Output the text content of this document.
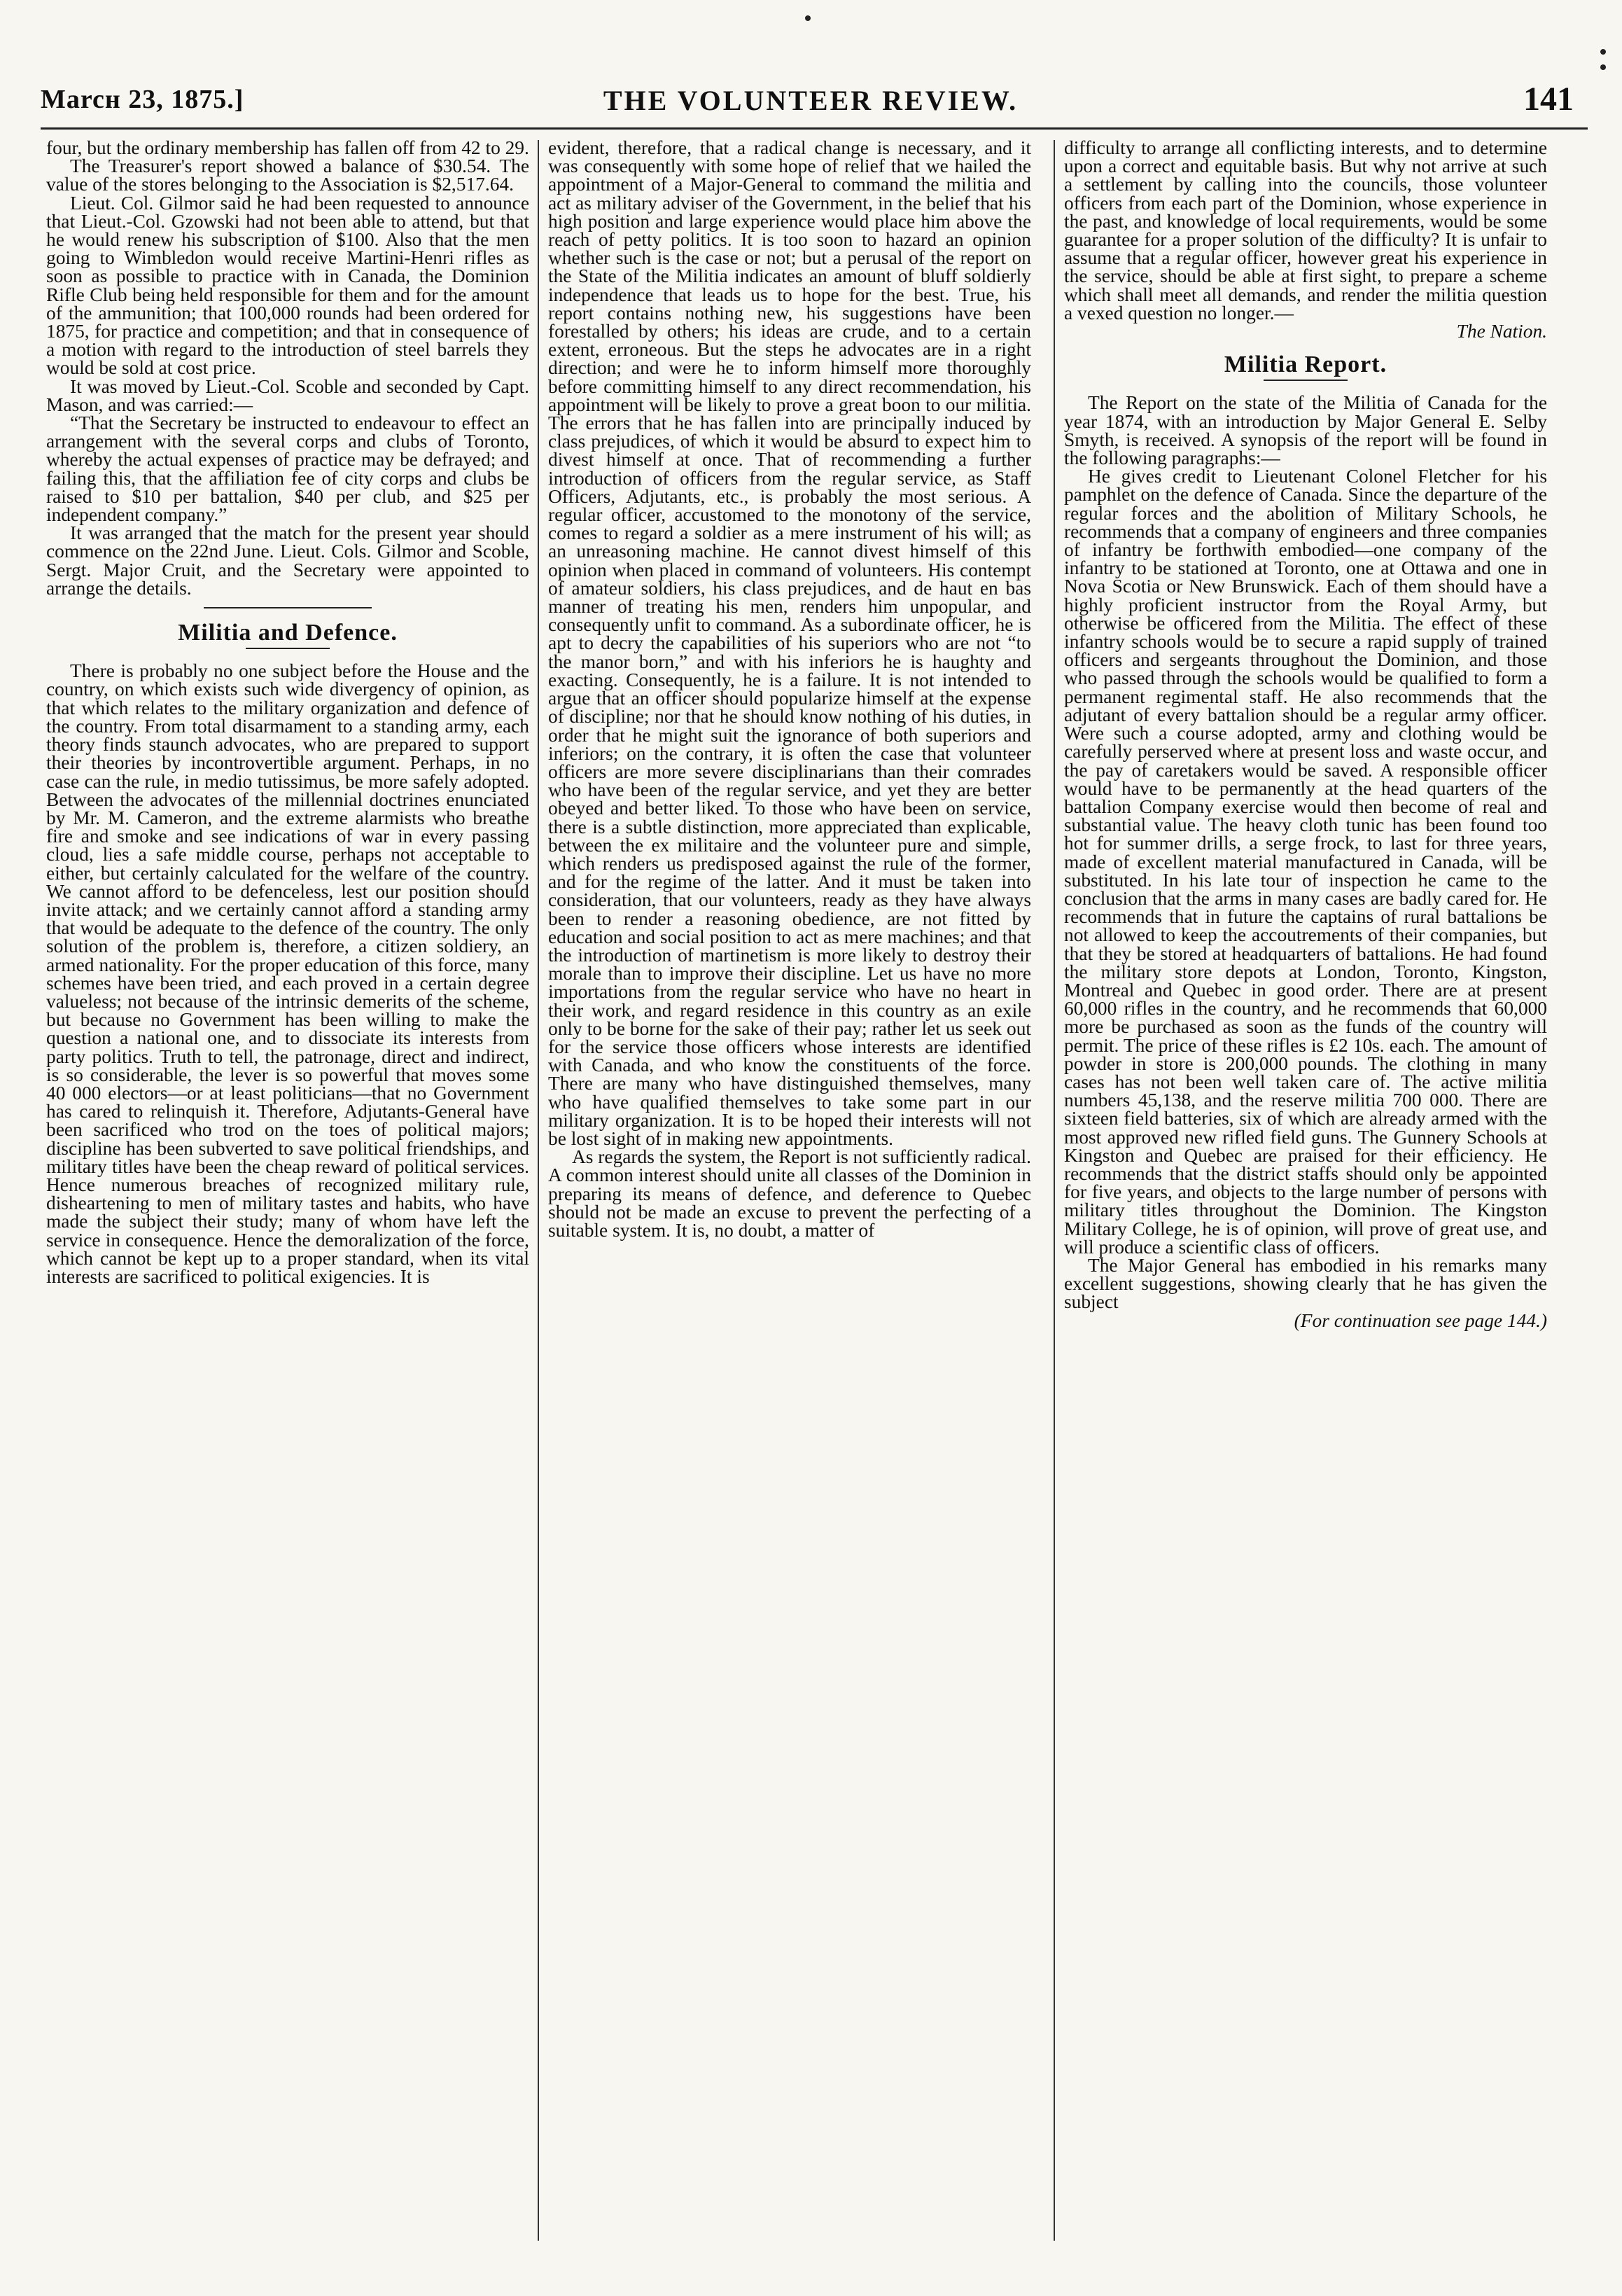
Marcн 23, 1875.]	THE VOLUNTEER REVIEW.	141

four, but the ordinary membership has fallen off from 42 to 29.

The Treasurer's report showed a balance of $30.54. The value of the stores belonging to the Association is $2,517.64.

Lieut. Col. Gilmor said he had been requested to announce that Lieut.-Col. Gzowski had not been able to attend, but that he would renew his subscription of $100. Also that the men going to Wimbledon would receive Martini-Henri rifles as soon as possible to practice with in Canada, the Dominion Rifle Club being held responsible for them and for the amount of the ammunition; that 100,000 rounds had been ordered for 1875, for practice and competition; and that in consequence of a motion with regard to the introduction of steel barrels they would be sold at cost price.

It was moved by Lieut.-Col. Scoble and seconded by Capt. Mason, and was carried:—

“That the Secretary be instructed to endeavour to effect an arrangement with the several corps and clubs of Toronto, whereby the actual expenses of practice may be defrayed; and failing this, that the affiliation fee of city corps and clubs be raised to $10 per battalion, $40 per club, and $25 per independent company.”

It was arranged that the match for the present year should commence on the 22nd June. Lieut. Cols. Gilmor and Scoble, Sergt. Major Cruit, and the Secretary were appointed to arrange the details.

Militia and Defence.

There is probably no one subject before the House and the country, on which exists such wide divergency of opinion, as that which relates to the military organization and defence of the country. From total disarmament to a standing army, each theory finds staunch advocates, who are prepared to support their theories by incontrovertible argument. Perhaps, in no case can the rule, in medio tutissimus, be more safely adopted. Between the advocates of the millennial doctrines enunciated by Mr. M. Cameron, and the extreme alarmists who breathe fire and smoke and see indications of war in every passing cloud, lies a safe middle course, perhaps not acceptable to either, but certainly calculated for the welfare of the country. We cannot afford to be defenceless, lest our position should invite attack; and we certainly cannot afford a standing army that would be adequate to the defence of the country. The only solution of the problem is, therefore, a citizen soldiery, an armed nationality. For the proper education of this force, many schemes have been tried, and each proved in a certain degree valueless; not because of the intrinsic demerits of the scheme, but because no Government has been willing to make the question a national one, and to dissociate its interests from party politics. Truth to tell, the patronage, direct and indirect, is so considerable, the lever is so powerful that moves some 40 000 electors—or at least politicians—that no Government has cared to relinquish it. Therefore, Adjutants-General have been sacrificed who trod on the toes of political majors; discipline has been subverted to save political friendships, and military titles have been the cheap reward of political services. Hence numerous breaches of recognized military rule, disheartening to men of military tastes and habits, who have made the subject their study; many of whom have left the service in consequence. Hence the demoralization of the force, which cannot be kept up to a proper standard, when its vital interests are sacrificed to political exigencies. It is

evident, therefore, that a radical change is necessary, and it was consequently with some hope of relief that we hailed the appointment of a Major-General to command the militia and act as military adviser of the Government, in the belief that his high position and large experience would place him above the reach of petty politics. It is too soon to hazard an opinion whether such is the case or not; but a perusal of the report on the State of the Militia indicates an amount of bluff soldierly independence that leads us to hope for the best. True, his report contains nothing new, his suggestions have been forestalled by others; his ideas are crude, and to a certain extent, erroneous. But the steps he advocates are in a right direction; and were he to inform himself more thoroughly before committing himself to any direct recommendation, his appointment will be likely to prove a great boon to our militia. The errors that he has fallen into are principally induced by class prejudices, of which it would be absurd to expect him to divest himself at once. That of recommending a further introduction of officers from the regular service, as Staff Officers, Adjutants, etc., is probably the most serious. A regular officer, accustomed to the monotony of the service, comes to regard a soldier as a mere instrument of his will; as an unreasoning machine. He cannot divest himself of this opinion when placed in command of volunteers. His contempt of amateur soldiers, his class prejudices, and de haut en bas manner of treating his men, renders him unpopular, and consequently unfit to command. As a subordinate officer, he is apt to decry the capabilities of his superiors who are not “to the manor born,” and with his inferiors he is haughty and exacting. Consequently, he is a failure. It is not intended to argue that an officer should popularize himself at the expense of discipline; nor that he should know nothing of his duties, in order that he might suit the ignorance of both superiors and inferiors; on the contrary, it is often the case that volunteer officers are more severe disciplinarians than their comrades who have been of the regular service, and yet they are better obeyed and better liked. To those who have been on service, there is a subtle distinction, more appreciated than explicable, between the ex militaire and the volunteer pure and simple, which renders us predisposed against the rule of the former, and for the regime of the latter. And it must be taken into consideration, that our volunteers, ready as they have always been to render a reasoning obedience, are not fitted by education and social position to act as mere machines; and that the introduction of martinetism is more likely to destroy their morale than to improve their discipline. Let us have no more importations from the regular service who have no heart in their work, and regard residence in this country as an exile only to be borne for the sake of their pay; rather let us seek out for the service those officers whose interests are identified with Canada, and who know the constituents of the force. There are many who have distinguished themselves, many who have qualified themselves to take some part in our military organization. It is to be hoped their interests will not be lost sight of in making new appointments.

As regards the system, the Report is not sufficiently radical. A common interest should unite all classes of the Dominion in preparing its means of defence, and deference to Quebec should not be made an excuse to prevent the perfecting of a suitable system. It is, no doubt, a matter of

difficulty to arrange all conflicting interests, and to determine upon a correct and equitable basis. But why not arrive at such a settlement by calling into the councils, those volunteer officers from each part of the Dominion, whose experience in the past, and knowledge of local requirements, would be some guarantee for a proper solution of the difficulty? It is unfair to assume that a regular officer, however great his experience in the service, should be able at first sight, to prepare a scheme which shall meet all demands, and render the militia question a vexed question no longer.—

The Nation.

Militia Report.

The Report on the state of the Militia of Canada for the year 1874, with an introduction by Major General E. Selby Smyth, is received. A synopsis of the report will be found in the following paragraphs:—

He gives credit to Lieutenant Colonel Fletcher for his pamphlet on the defence of Canada. Since the departure of the regular forces and the abolition of Military Schools, he recommends that a company of engineers and three companies of infantry be forthwith embodied—one company of the infantry to be stationed at Toronto, one at Ottawa and one in Nova Scotia or New Brunswick. Each of them should have a highly proficient instructor from the Royal Army, but otherwise be officered from the Militia. The effect of these infantry schools would be to secure a rapid supply of trained officers and sergeants throughout the Dominion, and those who passed through the schools would be qualified to form a permanent regimental staff. He also recommends that the adjutant of every battalion should be a regular army officer. Were such a course adopted, army and clothing would be carefully perserved where at present loss and waste occur, and the pay of caretakers would be saved. A responsible officer would have to be permanently at the head quarters of the battalion Company exercise would then become of real and substantial value. The heavy cloth tunic has been found too hot for summer drills, a serge frock, to last for three years, made of excellent material manufactured in Canada, will be substituted. In his late tour of inspection he came to the conclusion that the arms in many cases are badly cared for. He recommends that in future the captains of rural battalions be not allowed to keep the accoutrements of their companies, but that they be stored at headquarters of battalions. He had found the military store depots at London, Toronto, Kingston, Montreal and Quebec in good order. There are at present 60,000 rifles in the country, and he recommends that 60,000 more be purchased as soon as the funds of the country will permit. The price of these rifles is £2 10s. each. The amount of powder in store is 200,000 pounds. The clothing in many cases has not been well taken care of. The active militia numbers 45,138, and the reserve militia 700 000. There are sixteen field batteries, six of which are already armed with the most approved new rifled field guns. The Gunnery Schools at Kingston and Quebec are praised for their efficiency. He recommends that the district staffs should only be appointed for five years, and objects to the large number of persons with military titles throughout the Dominion. The Kingston Military College, he is of opinion, will prove of great use, and will produce a scientific class of officers.

The Major General has embodied in his remarks many excellent suggestions, showing clearly that he has given the subject

(For continuation see page 144.)
